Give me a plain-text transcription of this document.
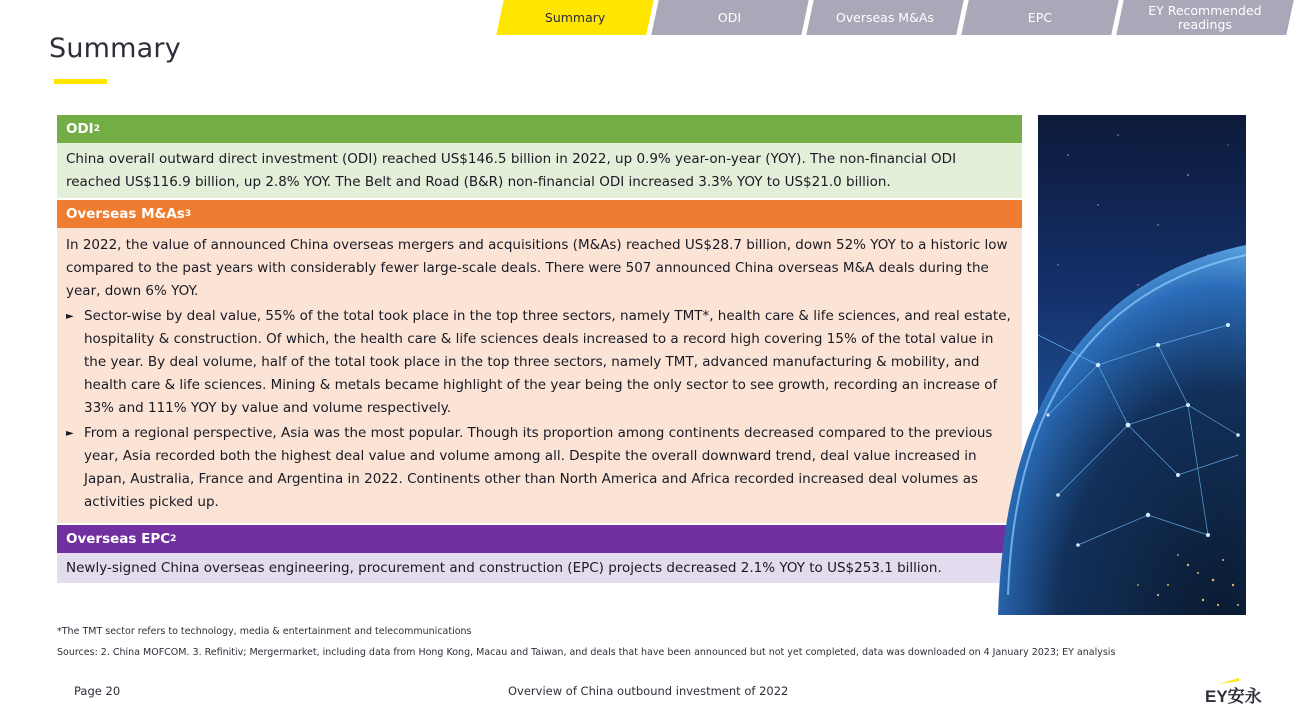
Summary	ODI	Overseas M&As	EPC	EY Recommended readings
Summary
ODI 2
China overall outward direct investment (ODI) reached US$146.5 billion in 2022, up 0.9% year-on-year (YOY). The non-financial ODI reached US$116.9 billion, up 2.8% YOY. The Belt and Road (B&R) non-financial ODI increased 3.3% YOY to US$21.0 billion.
Overseas M&As 3
In 2022, the value of announced China overseas mergers and acquisitions (M&As) reached US$28.7 billion, down 52% YOY to a historic low compared to the past years with considerably fewer large-scale deals. There were 507 announced China overseas M&A deals during the year, down 6% YOY.
► Sector-wise by deal value, 55% of the total took place in the top three sectors, namely TMT*, health care & life sciences, and real estate, hospitality & construction. Of which, the health care & life sciences deals increased to a record high covering 15% of the total value in the year. By deal volume, half of the total took place in the top three sectors, namely TMT, advanced manufacturing & mobility, and health care & life sciences. Mining & metals became highlight of the year being the only sector to see growth, recording an increase of 33% and 111% YOY by value and volume respectively.
► From a regional perspective, Asia was the most popular. Though its proportion among continents decreased compared to the previous year, Asia recorded both the highest deal value and volume among all. Despite the overall downward trend, deal value increased in Japan, Australia, France and Argentina in 2022. Continents other than North America and Africa recorded increased deal volumes as activities picked up.
Overseas EPC 2
Newly-signed China overseas engineering, procurement and construction (EPC) projects decreased 2.1% YOY to US$253.1 billion.
*The TMT sector refers to technology, media & entertainment and telecommunications
Sources: 2. China MOFCOM. 3. Refinitiv; Mergermarket, including data from Hong Kong, Macau and Taiwan, and deals that have been announced but not yet completed, data was downloaded on 4 January 2023; EY analysis
Page 20	Overview of China outbound investment of 2022	EY安永
